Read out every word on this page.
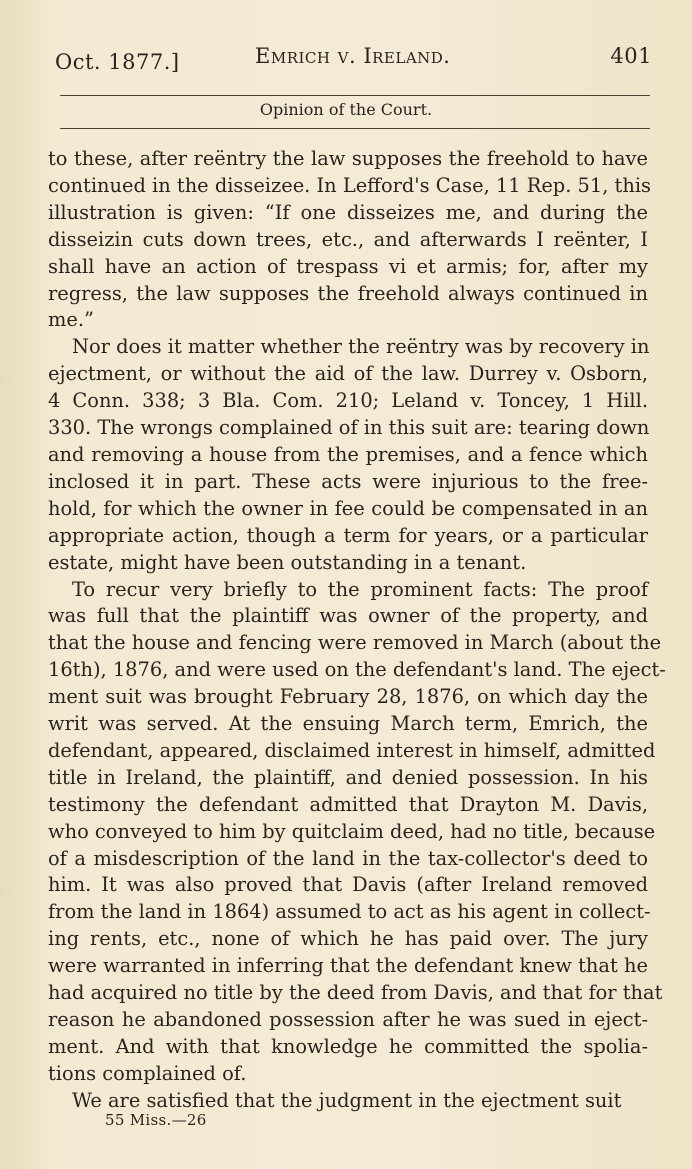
Oct. 1877.]	Emrich v. Ireland.	401
Opinion of the Court.
to these, after reëntry the law supposes the freehold to have
continued in the disseizee. In Lefford's Case, 11 Rep. 51, this
illustration is given: “If one disseizes me, and during the
disseizin cuts down trees, etc., and afterwards I reënter, I
shall have an action of trespass vi et armis; for, after my
regress, the law supposes the freehold always continued in
me.”
Nor does it matter whether the reëntry was by recovery in
ejectment, or without the aid of the law. Durrey v. Osborn,
4 Conn. 338; 3 Bla. Com. 210; Leland v. Toncey, 1 Hill.
330. The wrongs complained of in this suit are: tearing down
and removing a house from the premises, and a fence which
inclosed it in part. These acts were injurious to the free-
hold, for which the owner in fee could be compensated in an
appropriate action, though a term for years, or a particular
estate, might have been outstanding in a tenant.
To recur very briefly to the prominent facts: The proof
was full that the plaintiff was owner of the property, and
that the house and fencing were removed in March (about the
16th), 1876, and were used on the defendant's land. The eject-
ment suit was brought February 28, 1876, on which day the
writ was served. At the ensuing March term, Emrich, the
defendant, appeared, disclaimed interest in himself, admitted
title in Ireland, the plaintiff, and denied possession. In his
testimony the defendant admitted that Drayton M. Davis,
who conveyed to him by quitclaim deed, had no title, because
of a misdescription of the land in the tax-collector's deed to
him. It was also proved that Davis (after Ireland removed
from the land in 1864) assumed to act as his agent in collect-
ing rents, etc., none of which he has paid over. The jury
were warranted in inferring that the defendant knew that he
had acquired no title by the deed from Davis, and that for that
reason he abandoned possession after he was sued in eject-
ment. And with that knowledge he committed the spolia-
tions complained of.
We are satisfied that the judgment in the ejectment suit
55 Miss.—26
